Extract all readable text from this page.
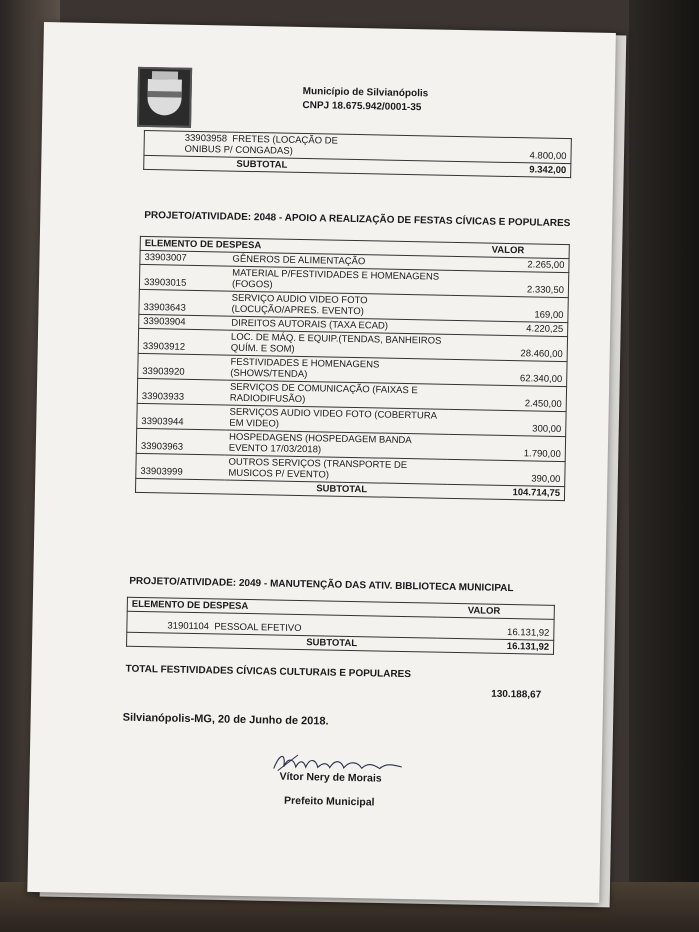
Município de Silvianópolis
CNPJ 18.675.942/0001-35
33903958 FRETES (LOCAÇÃO DE ONIBUS P/ CONGADAS)	4.800,00
SUBTOTAL	9.342,00
PROJETO/ATIVIDADE: 2048 - APOIO A REALIZAÇÃO DE FESTAS CÍVICAS E POPULARES
ELEMENTO DE DESPESA		VALOR
33903007	GÊNEROS DE ALIMENTAÇÃO	2.265,00
33903015	MATERIAL P/FESTIVIDADES E HOMENAGENS (FOGOS)	2.330,50
33903643	SERVIÇO AUDIO VIDEO FOTO (LOCUÇÃO/APRES. EVENTO)	169,00
33903904	DIREITOS AUTORAIS (TAXA ECAD)	4.220,25
33903912	LOC. DE MÁQ. E EQUIP.(TENDAS, BANHEIROS QUÍM. E SOM)	28.460,00
33903920	FESTIVIDADES E HOMENAGENS (SHOWS/TENDA)	62.340,00
33903933	SERVIÇOS DE COMUNICAÇÃO (FAIXAS E RADIODIFUSÃO)	2.450,00
33903944	SERVIÇOS AUDIO VIDEO FOTO (COBERTURA EM VIDEO)	300,00
33903963	HOSPEDAGENS (HOSPEDAGEM BANDA EVENTO 17/03/2018)	1.790,00
33903999	OUTROS SERVIÇOS (TRANSPORTE DE MUSICOS P/ EVENTO)	390,00
SUBTOTAL		104.714,75
PROJETO/ATIVIDADE: 2049 - MANUTENÇÃO DAS ATIV. BIBLIOTECA MUNICIPAL
ELEMENTO DE DESPESA	VALOR
31901104 PESSOAL EFETIVO	16.131,92
SUBTOTAL	16.131,92
TOTAL FESTIVIDADES CÍVICAS CULTURAIS E POPULARES
130.188,67
Silvianópolis-MG, 20 de Junho de 2018.
Vítor Nery de Morais
Prefeito Municipal
